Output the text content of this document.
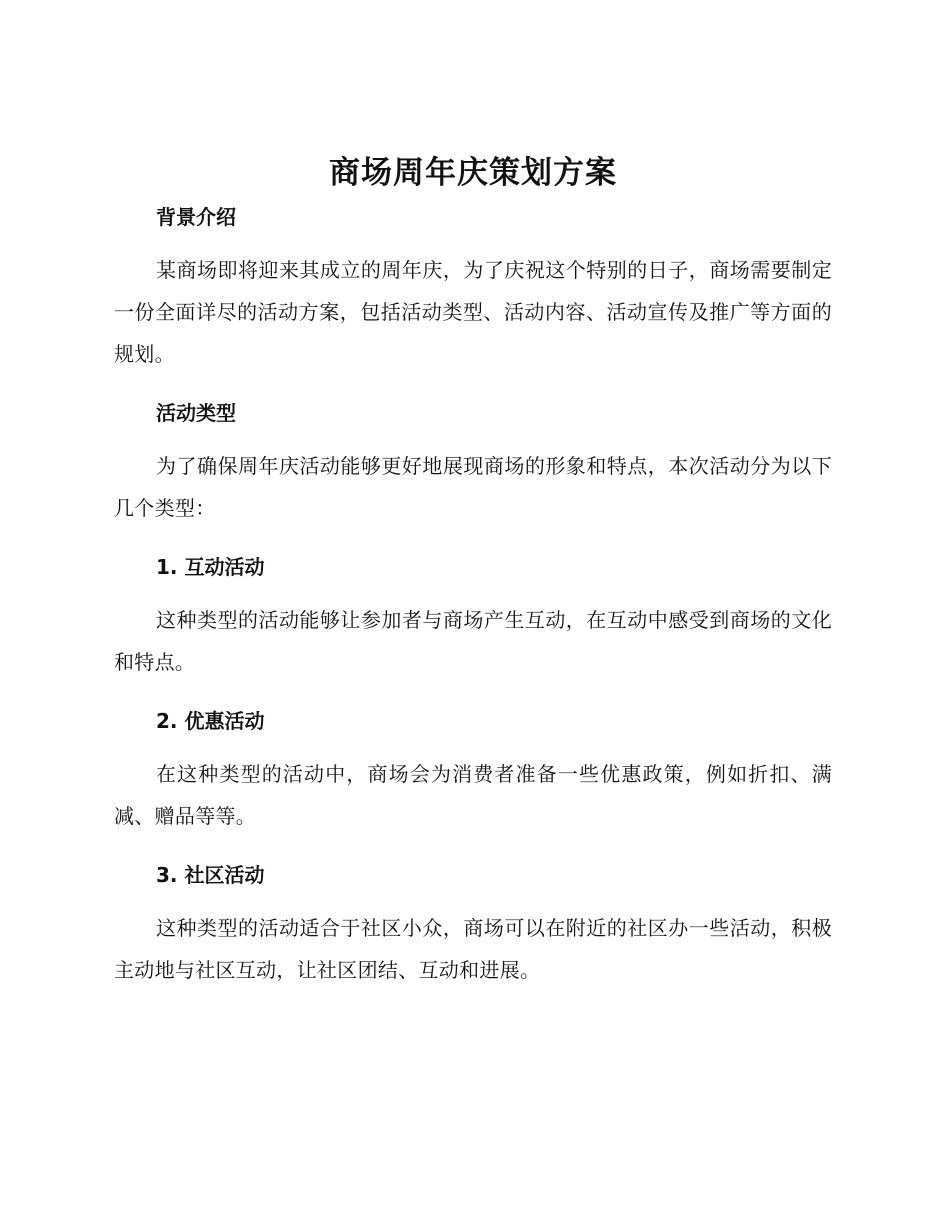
商场周年庆策划方案
背景介绍

某商场即将迎来其成立的周年庆，为了庆祝这个特别的日子，商场需要制定一份全面详尽的活动方案，包括活动类型、活动内容、活动宣传及推广等方面的规划。

活动类型

为了确保周年庆活动能够更好地展现商场的形象和特点，本次活动分为以下几个类型：

1. 互动活动

这种类型的活动能够让参加者与商场产生互动，在互动中感受到商场的文化和特点。

2. 优惠活动

在这种类型的活动中，商场会为消费者准备一些优惠政策，例如折扣、满减、赠品等等。

3. 社区活动

这种类型的活动适合于社区小众，商场可以在附近的社区办一些活动，积极主动地与社区互动，让社区团结、互动和进展。
